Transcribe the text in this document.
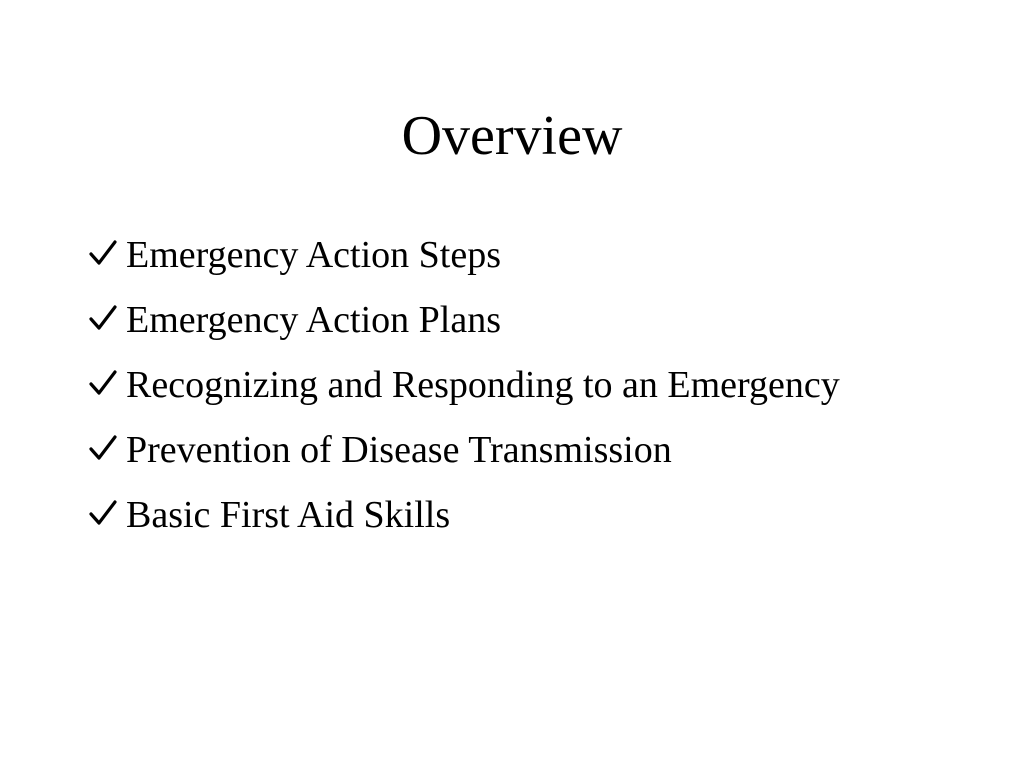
Overview
Emergency Action Steps
Emergency Action Plans
Recognizing and Responding to an Emergency
Prevention of Disease Transmission
Basic First Aid Skills
